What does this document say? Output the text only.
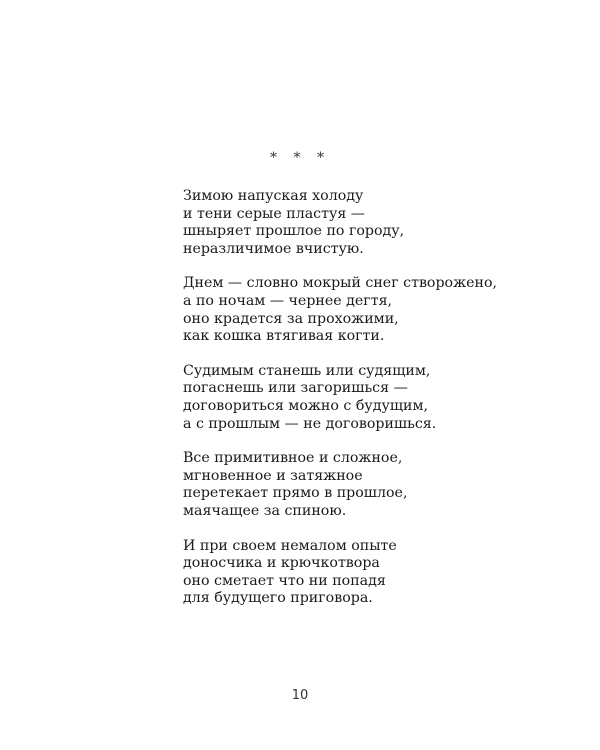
* * *
Зимою напуская холоду
и тени серые пластуя —
шныряет прошлое по городу,
неразличимое вчистую.
Днем — словно мокрый снег створожено,
а по ночам — чернее дегтя,
оно крадется за прохожими,
как кошка втягивая когти.
Судимым станешь или судящим,
погаснешь или загоришься —
договориться можно с будущим,
а с прошлым — не договоришься.
Все примитивное и сложное,
мгновенное и затяжное
перетекает прямо в прошлое,
маячащее за спиною.
И при своем немалом опыте
доносчика и крючкотвора
оно сметает что ни попадя
для будущего приговора.
10
